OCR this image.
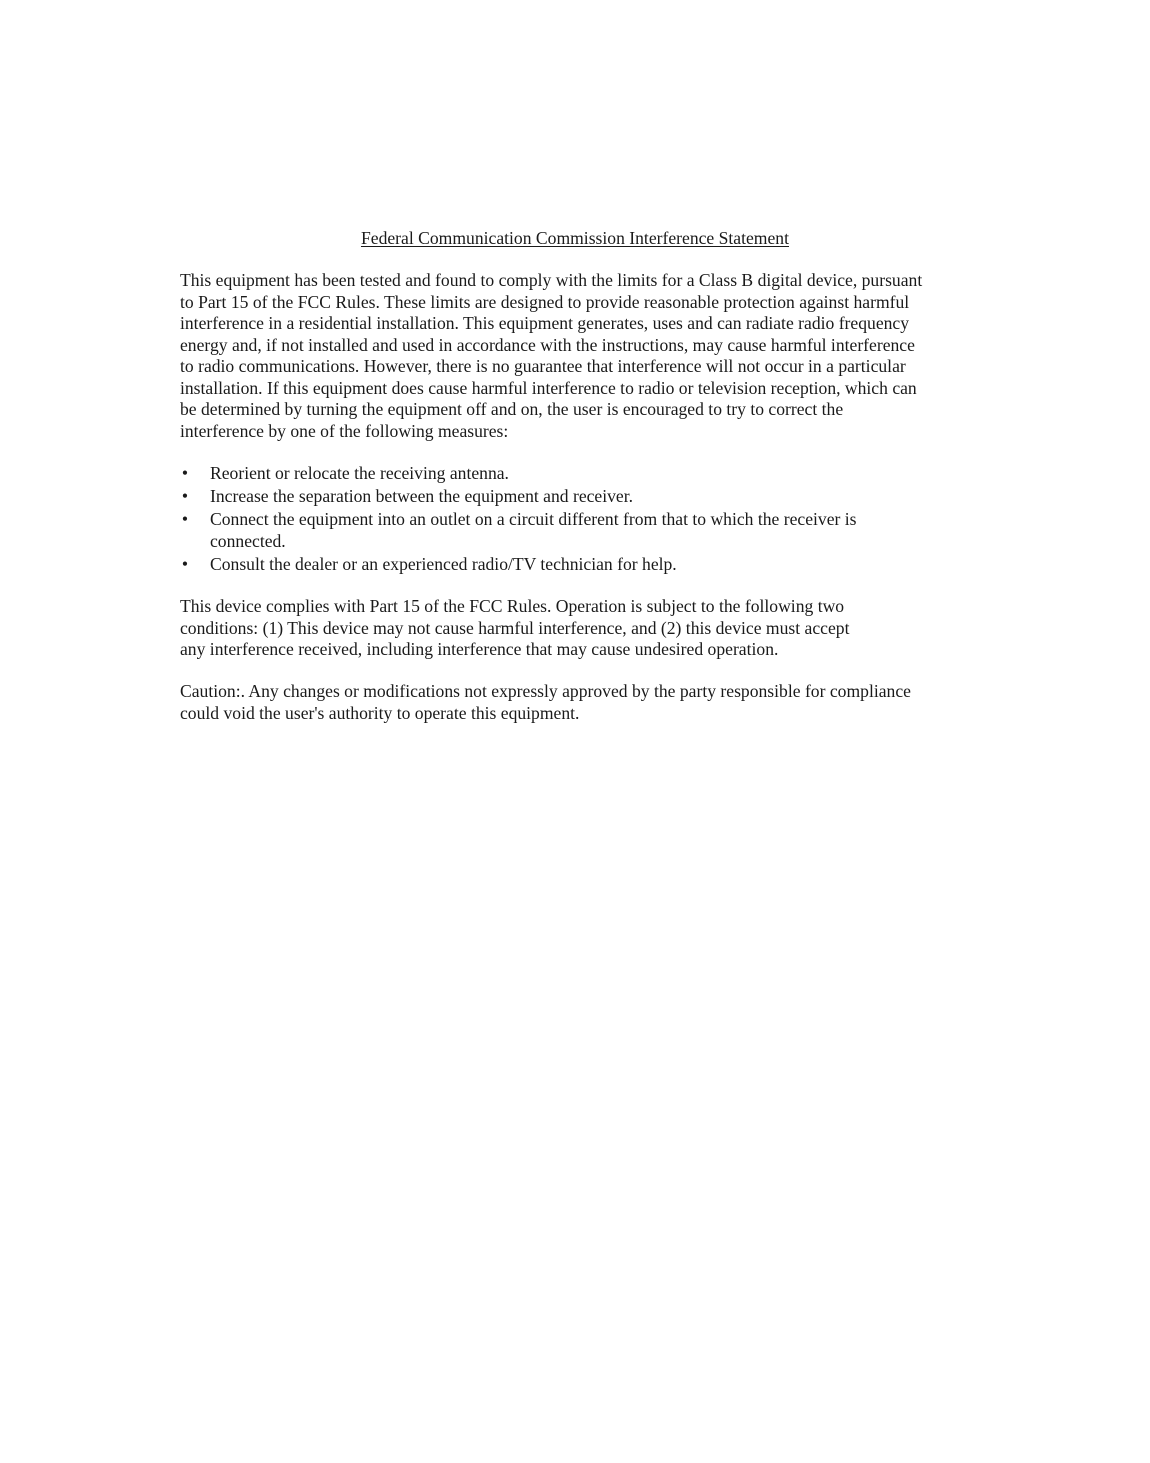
Federal Communication Commission Interference Statement
This equipment has been tested and found to comply with the limits for a Class B digital device, pursuant
to Part 15 of the FCC Rules. These limits are designed to provide reasonable protection against harmful
interference in a residential installation. This equipment generates, uses and can radiate radio frequency
energy and, if not installed and used in accordance with the instructions, may cause harmful interference
to radio communications. However, there is no guarantee that interference will not occur in a particular
installation. If this equipment does cause harmful interference to radio or television reception, which can
be determined by turning the equipment off and on, the user is encouraged to try to correct the
interference by one of the following measures:
• Reorient or relocate the receiving antenna.
• Increase the separation between the equipment and receiver.
• Connect the equipment into an outlet on a circuit different from that to which the receiver is
connected.
• Consult the dealer or an experienced radio/TV technician for help.
This device complies with Part 15 of the FCC Rules. Operation is subject to the following two
conditions: (1) This device may not cause harmful interference, and (2) this device must accept
any interference received, including interference that may cause undesired operation.
Caution:. Any changes or modifications not expressly approved by the party responsible for compliance
could void the user's authority to operate this equipment.
